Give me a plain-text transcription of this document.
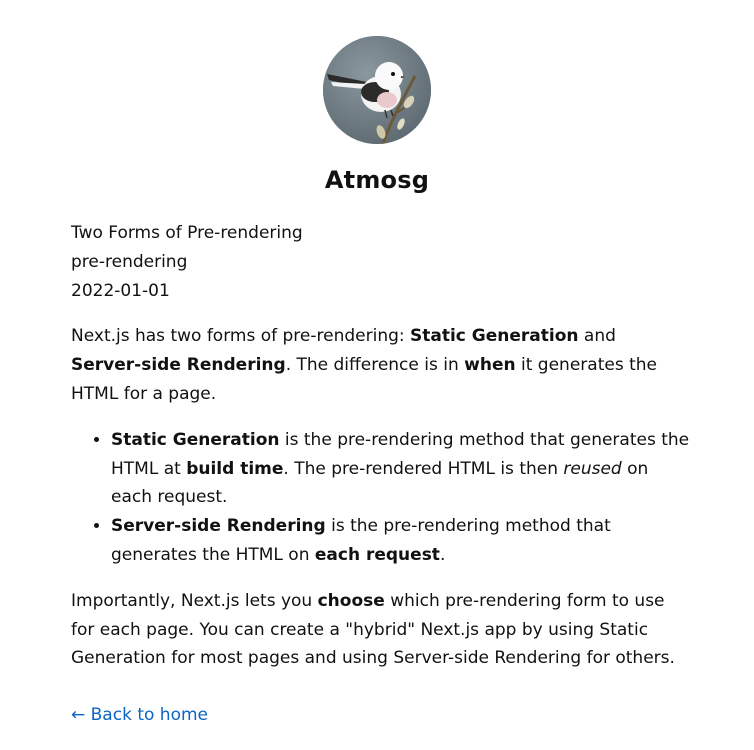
Atmosg
Two Forms of Pre-rendering
pre-rendering
2022-01-01

Next.js has two forms of pre-rendering: Static Generation and Server-side Rendering. The difference is in when it generates the HTML for a page.

• Static Generation is the pre-rendering method that generates the HTML at build time. The pre-rendered HTML is then reused on each request.
• Server-side Rendering is the pre-rendering method that generates the HTML on each request.

Importantly, Next.js lets you choose which pre-rendering form to use for each page. You can create a "hybrid" Next.js app by using Static Generation for most pages and using Server-side Rendering for others.

← Back to home
